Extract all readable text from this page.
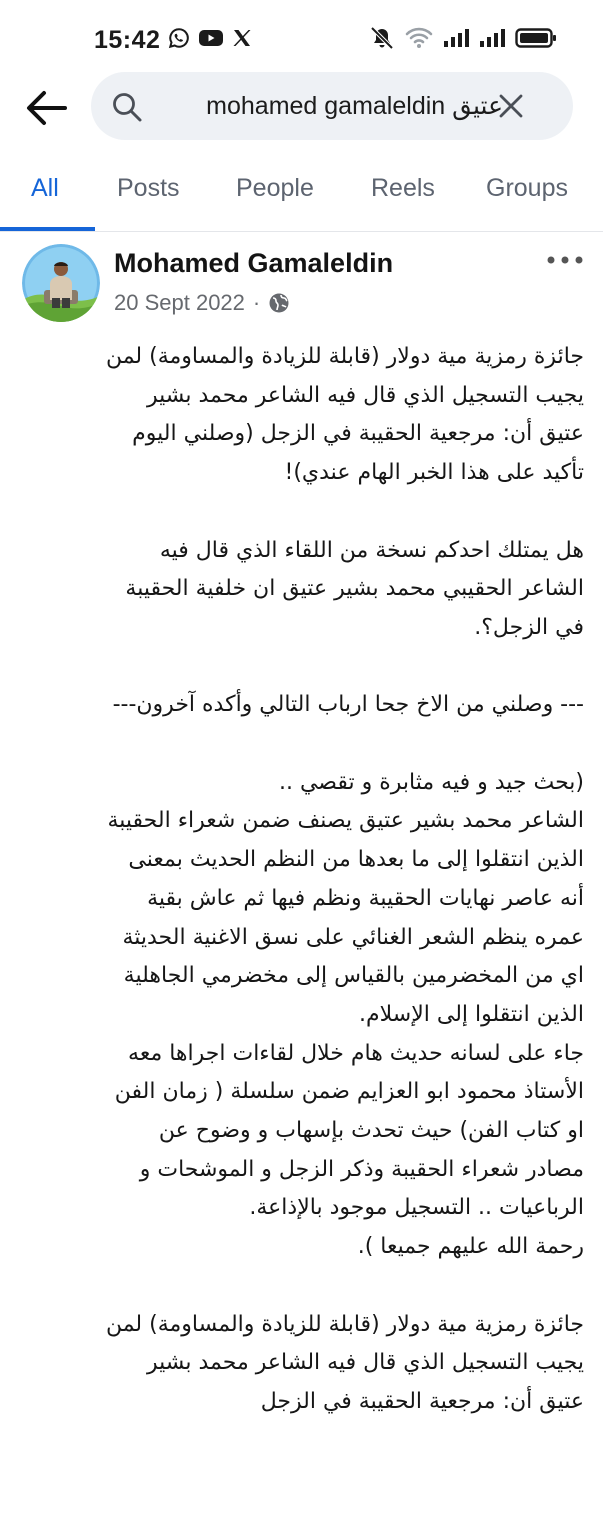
15:42
عتيق mohamed gamaleldin
All Posts People Reels Groups
Mohamed Gamaleldin
20 Sept 2022 ·

جائزة رمزية مية دولار (قابلة للزيادة والمساومة) لمن

يجيب التسجيل الذي قال فيه الشاعر محمد بشير

عتيق أن: مرجعية الحقيبة في الزجل (وصلني اليوم

تأكيد على هذا الخبر الهام عندي)!

هل يمتلك احدكم نسخة من اللقاء الذي قال فيه

الشاعر الحقيبي محمد بشير عتيق ان خلفية الحقيبة

في الزجل؟.

--- وصلني من الاخ جحا ارباب التالي وأكده آخرون---

(بحث جيد و فيه مثابرة و تقصي ..

الشاعر محمد بشير عتيق يصنف ضمن شعراء الحقيبة

الذين انتقلوا إلى ما بعدها من النظم الحديث بمعنى

أنه عاصر نهايات الحقيبة ونظم فيها ثم عاش بقية

عمره ينظم الشعر الغنائي على نسق الاغنية الحديثة

اي من المخضرمين بالقياس إلى مخضرمي الجاهلية

الذين انتقلوا إلى الإسلام.

جاء على لسانه حديث هام خلال لقاءات اجراها معه

الأستاذ محمود ابو العزايم ضمن سلسلة ( زمان الفن

او كتاب الفن) حيث تحدث بإسهاب و وضوح عن

مصادر شعراء الحقيبة وذكر الزجل و الموشحات و

الرباعيات .. التسجيل موجود بالإذاعة.

رحمة الله عليهم جميعا ).

جائزة رمزية مية دولار (قابلة للزيادة والمساومة) لمن

يجيب التسجيل الذي قال فيه الشاعر محمد بشير

عتيق أن: مرجعية الحقيبة في الزجل
